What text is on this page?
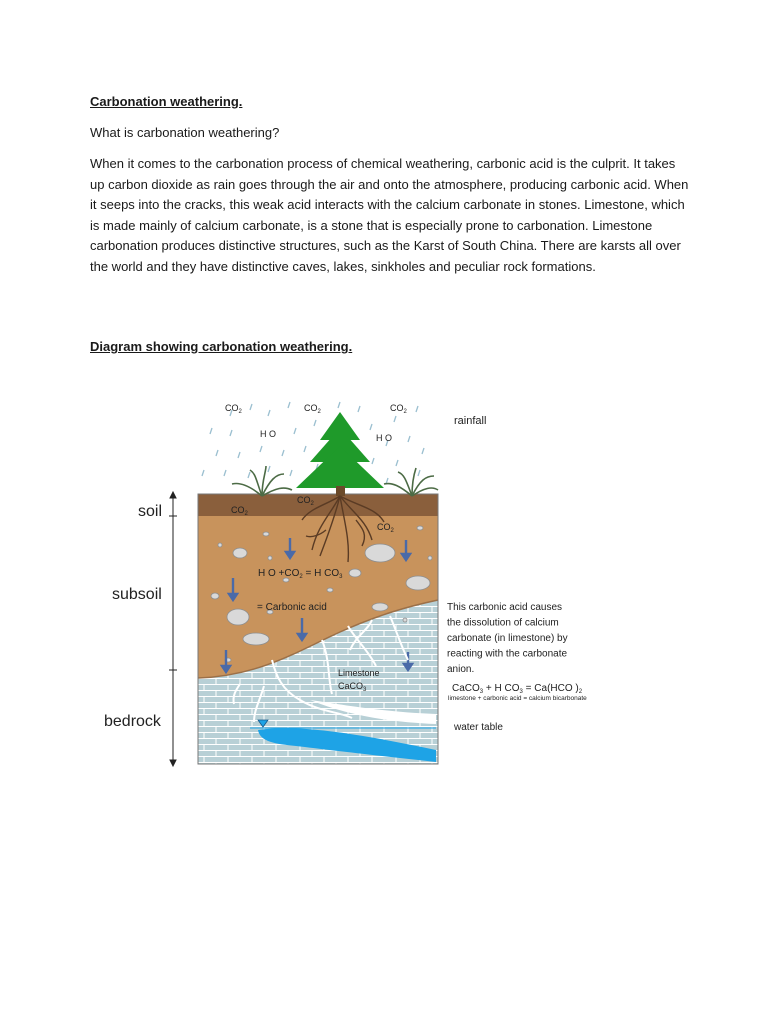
Carbonation weathering.

What is carbonation weathering?

When it comes to the carbonation process of chemical weathering, carbonic acid is the culprit. It takes up carbon dioxide as rain goes through the air and onto the atmosphere, producing carbonic acid. When it seeps into the cracks, this weak acid interacts with the calcium carbonate in stones. Limestone, which is made mainly of calcium carbonate, is a stone that is especially prone to carbonation. Limestone carbonation produces distinctive structures, such as the Karst of South China. There are karsts all over the world and they have distinctive caves, lakes, sinkholes and peculiar rock formations.

Diagram showing carbonation weathering.

soil
subsoil
bedrock
$CO_2$	$CO_2$	$CO_2$
H O	H O
$CO_2$
$CO_2$
$CO_2$
rainfall
H $O +CO_2 = H$ $CO_3$
= Carbonic acid
Limestone
CaCO$_3$
This carbonic acid causes
the dissolution of calcium
carbonate (in limestone) by
reacting with the carbonate
anion.
CaCO$_3$ + H $CO_3 = Ca(HCO$ )$_2$
limestone + carbonic acid = calcium bicarbonate
water table
